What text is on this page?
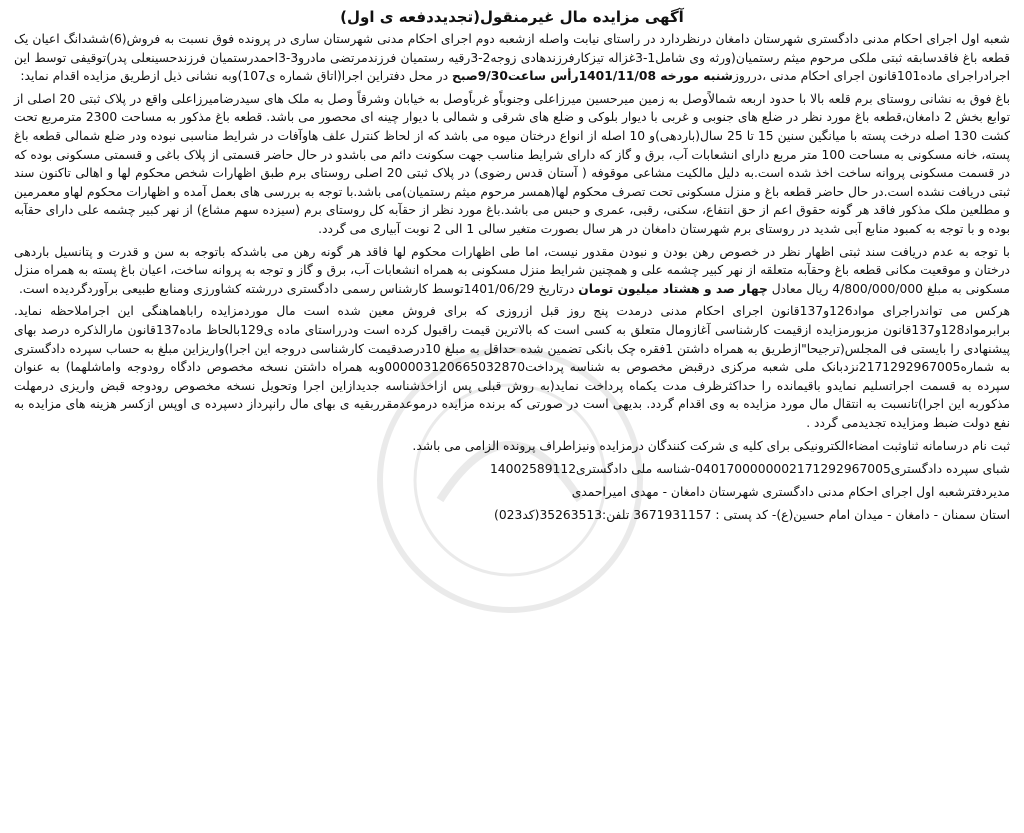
آگهی مزایده مال غیرمنقول(تجدیددفعه ی اول)

شعبه اول اجرای احکام مدنی دادگستری شهرستان دامغان درنظردارد در راستای نیابت واصله ازشعبه دوم اجرای احکام مدنی شهرستان ساری در پرونده فوق نسبت به فروش(6)ششدانگ اعیان یک قطعه باغ فاقدسابقه ثبتی ملکی مرحوم میثم رستمیان(ورثه وی شامل1-3غزاله تیزکارفرزندهادی زوجه2-3رقیه رستمیان فرزندمرتضی مادرو3-3احمدرستمیان فرزندحسینعلی پدر)توقیفی توسط این اجرادراجرای ماده101قانون اجرای احکام مدنی ،درروزشنبه مورخه 1401/11/08رأس ساعت9/30صبح در محل دفتراین اجرا(اتاق شماره ی107)وبه نشانی ذیل ازطریق مزایده اقدام نماید:

باغ فوق به نشانی روستای برم قلعه بالا با حدود اربعه شمالاًوصل به زمین میرحسین میرزاعلی وجنوباًو غرباًوصل به خیابان وشرقاً وصل به ملک های سیدرضامیرزاعلی واقع در پلاک ثبتی 20 اصلی از توابع بخش 2 دامغان،قطعه باغ مورد نظر در ضلع های جنوبی و غربی با دیوار بلوکی و ضلع های شرقی و شمالی با دیوار چینه ای محصور می باشد. قطعه باغ مذکور به مساحت 2300 مترمربع تحت کشت 130 اصله درخت پسته با میانگین سنین 15 تا 25 سال(باردهی)و 10 اصله از انواع درختان میوه می باشد که از لحاظ کنترل علف هاوآفات در شرایط مناسبی نبوده ودر ضلع شمالی قطعه باغ پسته، خانه مسکونی به مساحت 100 متر مربع دارای انشعابات آب، برق و گاز که دارای شرایط مناسب جهت سکونت دائم می باشدو در حال حاضر قسمتی از پلاک باغی و قسمتی مسکونی بوده که در قسمت مسکونی پروانه ساخت اخذ شده است.به دلیل مالکیت مشاعی موقوفه ( آستان قدس رضوی) در پلاک ثبتی 20 اصلی روستای برم طبق اظهارات شخص محکوم لها و اهالی تاکنون سند ثبتی دریافت نشده است.در حال حاضر قطعه باغ و منزل مسکونی تحت تصرف محکوم لها(همسر مرحوم میثم رستمیان)می باشد.با توجه به بررسی های بعمل آمده و اظهارات محکوم لهاو معمرمین و مطلعین ملک مذکور فاقد هر گونه حقوق اعم از حق انتفاع، سکنی، رقبی، عمری و حبس می باشد.باغ مورد نظر از حقآبه کل روستای برم (سیزده سهم مشاع) از نهر کبیر چشمه علی دارای حقآبه بوده و با توجه به کمبود منابع آبی شدید در روستای برم شهرستان دامغان در هر سال بصورت متغیر سالی 1 الی 2 نوبت آبیاری می گردد.

با توجه به عدم دریافت سند ثبتی اظهار نظر در خصوص رهن بودن و نبودن مقدور نیست، اما طی اظهارات محکوم لها فاقد هر گونه رهن می باشدکه باتوجه به سن و قدرت و پتانسیل باردهی درختان و موقعیت مکانی قطعه باغ وحقآبه متعلقه از نهر کبیر چشمه علی و همچنین شرایط منزل مسکونی به همراه انشعابات آب، برق و گاز و توجه به پروانه ساخت، اعیان باغ پسته به همراه منزل مسکونی به مبلغ 4/800/000/000 ریال معادل چهار صد و هشتاد میلیون تومان درتاریخ 1401/06/29توسط کارشناس رسمی دادگستری دررشته کشاورزی ومنابع طبیعی برآوردگردیده است.

هرکس می تواندراجرای مواد126و137قانون اجرای احکام مدنی درمدت پنج روز قبل ازروزی که برای فروش معین شده است مال موردمزایده راباهماهنگی این اجراملاحظه نماید. برابرمواد128و137قانون مزبورمزایده ازقیمت کارشناسی آغازومال متعلق به کسی است که بالاترین قیمت راقبول کرده است ودرراستای ماده ی129بالحاظ ماده137قانون مارالذکره درصد بهای پیشنهادی را بایستی فی المجلس(ترجیحا"ازطریق به همراه داشتن 1فقره چک بانکی تضمین شده حداقل به مبلغ 10درصدقیمت کارشناسی دروجه این اجرا)واریزاین مبلغ به حساب سپرده دادگستری به شماره2171292967005نزدبانک ملی شعبه مرکزی درقبض مخصوص به شناسه پرداخت000003120665032870وبه همراه داشتن نسخه مخصوص دادگاه رودوجه واماشلهما) به عنوان سپرده به قسمت اجراتسلیم نمایدو باقیمانده را حداکثرظرف مدت یکماه پرداخت نماید(به روش قبلی پس ازاخذشناسه جدیدازاین اجرا وتحویل نسخه مخصوص رودوجه قبض واریزی درمهلت مذکوربه این اجرا)تانسبت به انتقال مال مورد مزایده به وی اقدام گردد. بدیهی است در صورتی که برنده مزایده درموعدمقرربقیه ی بهای مال رانپرداز دسپرده ی اوپس ازکسر هزینه های مزایده به نفع دولت ضبط ومزایده تجدیدمی گردد .

ثبت نام درسامانه ثناوثبت امضاءالکترونیکی برای کلیه ی شرکت کنندگان درمزایده ونیزاطراف پرونده الزامی می باشد.

شبای سپرده دادگستری0401700000002171292967005-شناسه ملی دادگستری14002589112

مدیردفترشعبه اول اجرای احکام مدنی دادگستری شهرستان دامغان - مهدی امیراحمدی

استان سمنان - دامغان - میدان امام حسین(ع)- کد پستی : 3671931157 تلفن:35263513(کد023)
